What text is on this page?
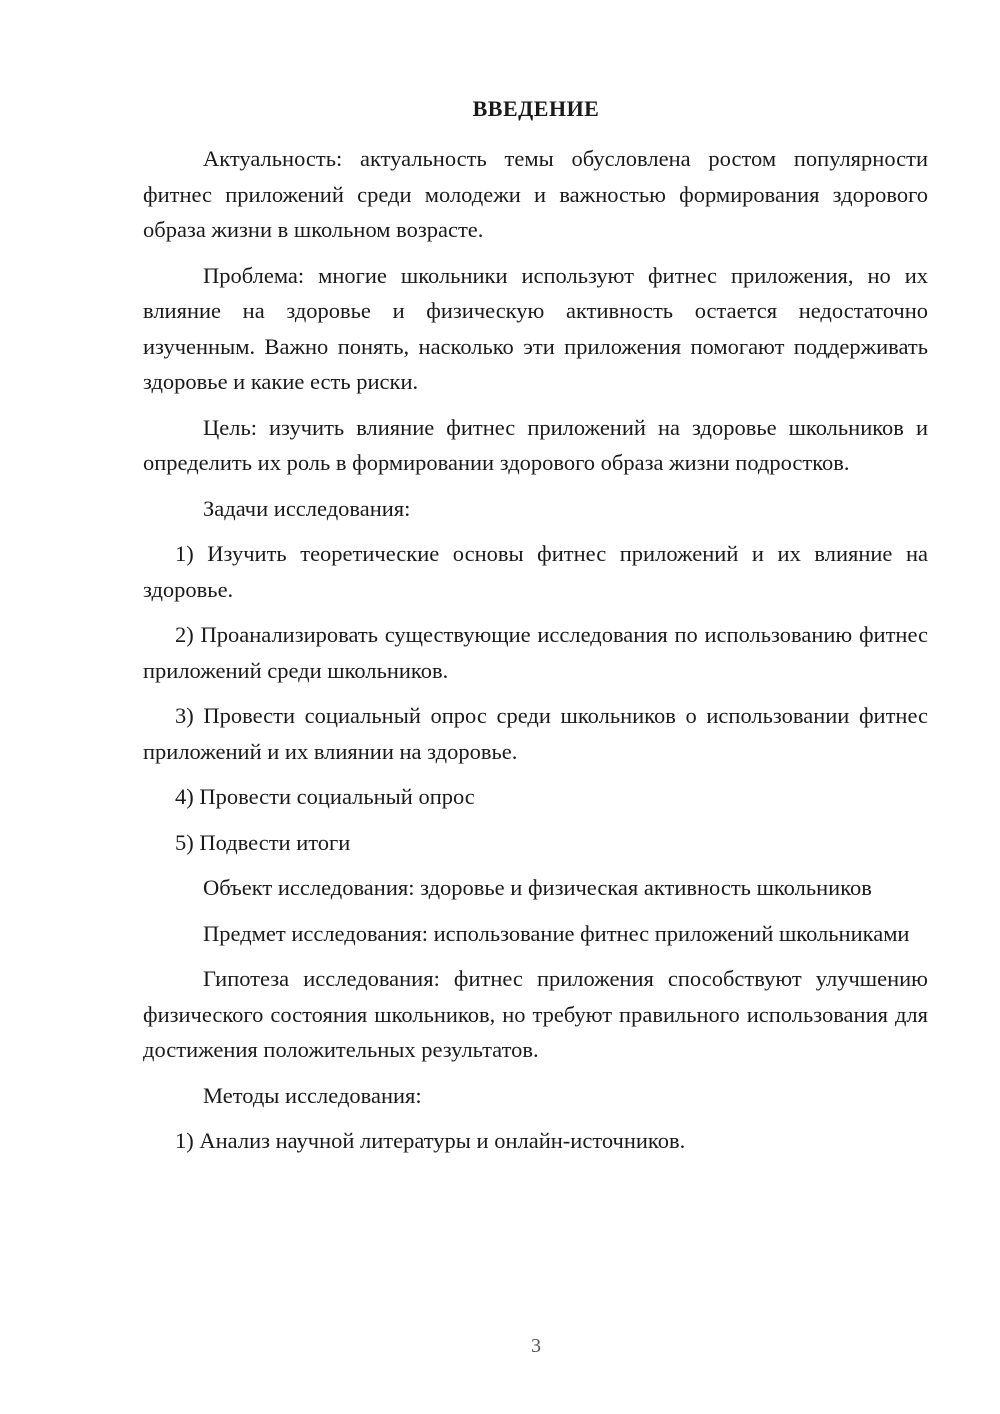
ВВЕДЕНИЕ

Актуальность: актуальность темы обусловлена ростом популярности фитнес приложений среди молодежи и важностью формирования здорового образа жизни в школьном возрасте.

Проблема: многие школьники используют фитнес приложения, но их влияние на здоровье и физическую активность остается недостаточно изученным. Важно понять, насколько эти приложения помогают поддерживать здоровье и какие есть риски.

Цель: изучить влияние фитнес приложений на здоровье школьников и определить их роль в формировании здорового образа жизни подростков.

Задачи исследования:

1) Изучить теоретические основы фитнес приложений и их влияние на здоровье.

2) Проанализировать существующие исследования по использованию фитнес приложений среди школьников.

3) Провести социальный опрос среди школьников о использовании фитнес приложений и их влиянии на здоровье.

4) Провести социальный опрос

5) Подвести итоги

Объект исследования: здоровье и физическая активность школьников

Предмет исследования: использование фитнес приложений школьниками

Гипотеза исследования: фитнес приложения способствуют улучшению физического состояния школьников, но требуют правильного использования для достижения положительных результатов.

Методы исследования:

1) Анализ научной литературы и онлайн-источников.

3
